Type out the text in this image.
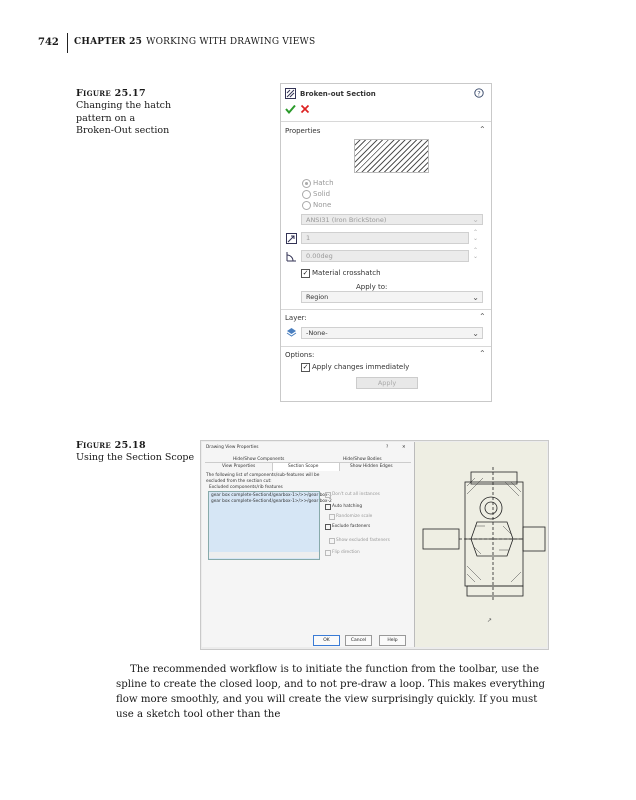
742 CHAPTER 25 WORKING WITH DRAWING VIEWS
Figure 25.17
Changing the hatch pattern on a Broken-Out section
Broken-out Section	?
Properties	⌃
Hatch
Solid
None
ANSI31 (Iron BrickStone)	⌄
1
⌃
⌄
0.00deg
⌃
⌄
✓ Material crosshatch
Apply to:
Region	⌄
Layer:	⌃
-None-	⌄
Options:	⌃
✓ Apply changes immediately
Apply
Figure 25.18
Using the Section Scope
Drawing View Properties	?	✕
Hide/Show Components	Hide/Show Bodies
View Properties	Section Scope	Show Hidden Edges
The following list of components/sub-features will be excluded from the section cut:
Excluded components/rib features
gear box complete-Section4/gearbox-1>/>>/gear box-1
gear box complete-Section4/gearbox-1>/>>/gear box-2
Don't cut all instances
Auto hatching
Randomize scale
Exclude fasteners
Show excluded fasteners
Flip direction
OK	Cancel	Help
↗
The recommended workflow is to initiate the function from the toolbar, use the spline to create the closed loop, and to not pre-draw a loop. This makes everything flow more smoothly, and you will create the view surprisingly quickly. If you must use a sketch tool other than the
